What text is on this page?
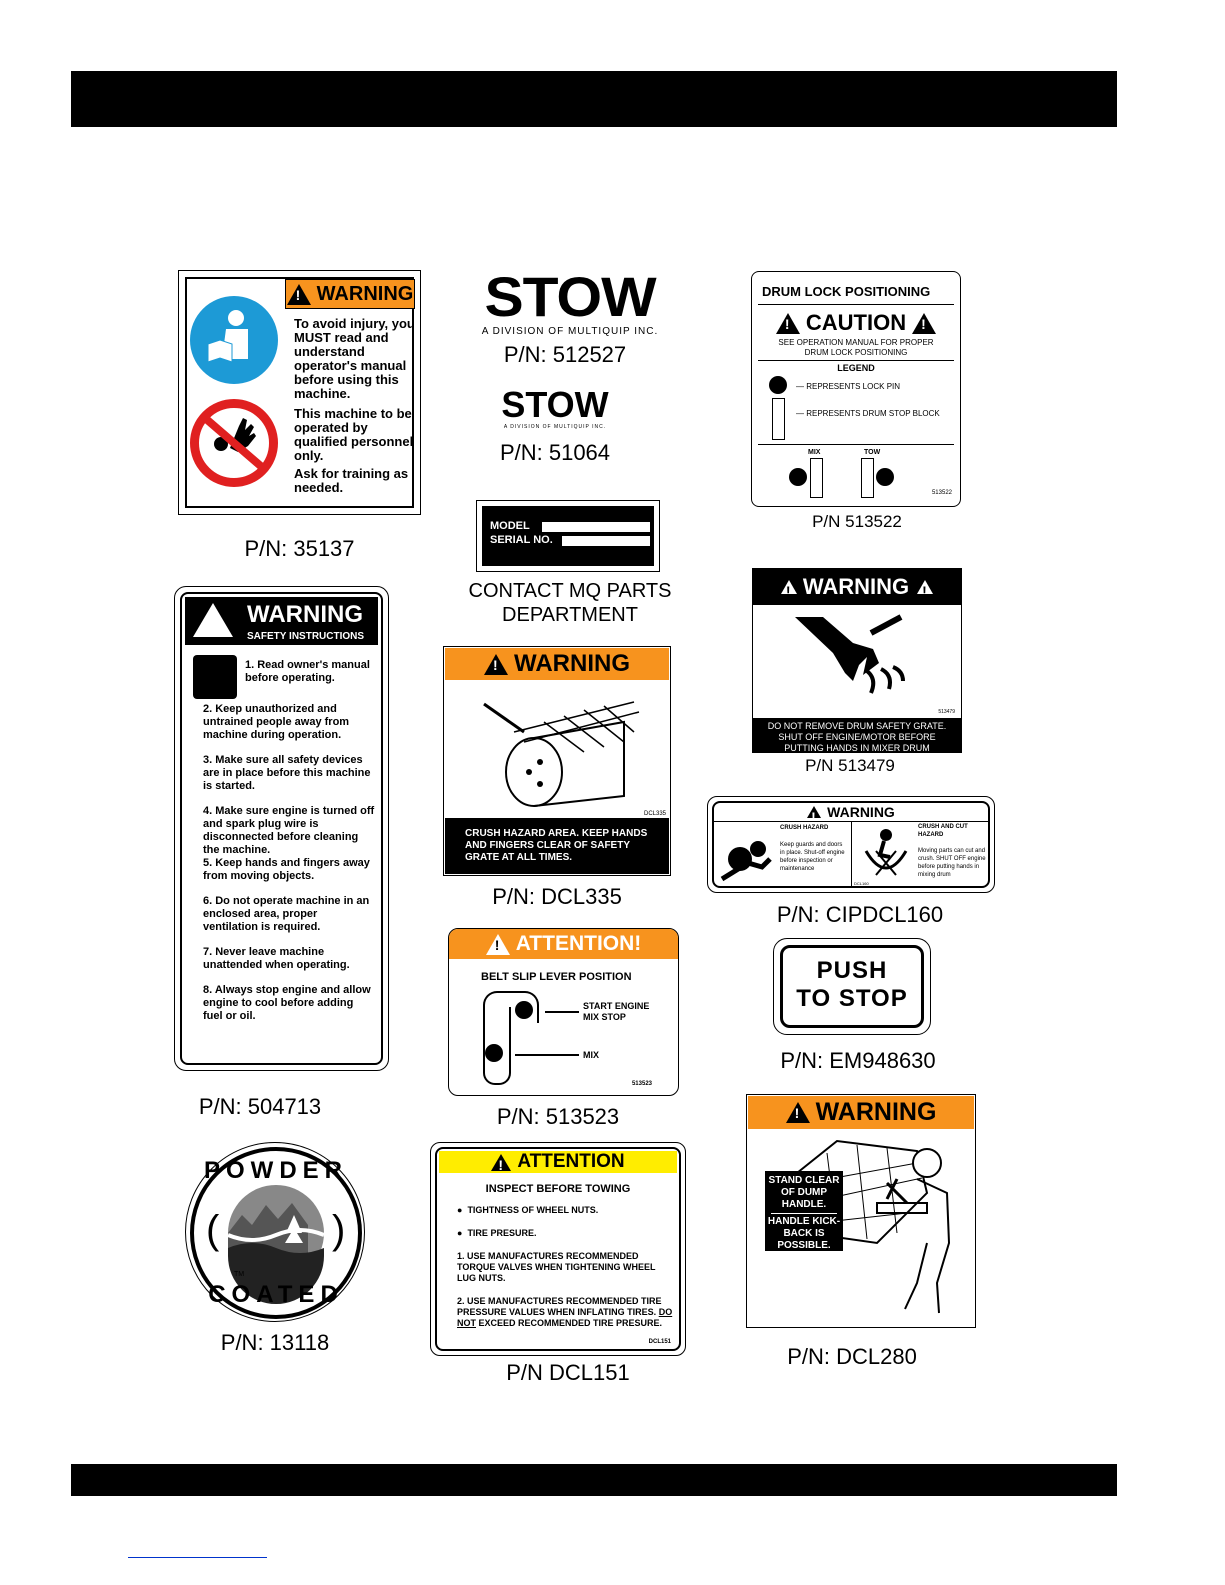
!
WARNING
To avoid injury, you MUST read and understand operator's manual before using this machine.
This machine to be operated by qualified personnel only.
Ask for training as needed.
P/N: 35137
WARNING
SAFETY INSTRUCTIONS

1. Read owner's manual before operating.

2. Keep unauthorized and untrained people away from machine during operation.

3. Make sure all safety devices are in place before this machine is started.

4. Make sure engine is turned off and spark plug wire is disconnected before cleaning the machine.

5. Keep hands and fingers away from moving objects.

6. Do not operate machine in an enclosed area, proper ventilation is required.

7. Never leave machine unattended when operating.

8. Always stop engine and allow engine to cool before adding fuel or oil.

P/N: 504713
(	)
POWDER
COATED
TM
P/N: 13118
STOW
A DIVISION OF MULTIQUIP INC.
P/N: 512527
STOW
A DIVISION OF MULTIQUIP INC.
P/N: 51064
MODEL
SERIAL NO.
CONTACT MQ PARTS
DEPARTMENT
!
WARNING
DCL335
CRUSH HAZARD AREA. KEEP HANDS AND FINGERS CLEAR OF SAFETY GRATE AT ALL TIMES.
P/N: DCL335
!
ATTENTION!
BELT SLIP LEVER POSITION
START ENGINE MIX STOP
MIX
513523
P/N: 513523
!
ATTENTION
INSPECT BEFORE TOWING
●  TIGHTNESS OF WHEEL NUTS.
●  TIRE PRESURE.
1. USE MANUFACTURES RECOMMENDED TORQUE VALVES WHEN TIGHTENING WHEEL LUG NUTS.
2. USE MANUFACTURES RECOMMENDED TIRE PRESSURE VALUES WHEN INFLATING TIRES. DO NOT EXCEED RECOMMENDED TIRE PRESURE.
DCL151
P/N DCL151
DRUM LOCK POSITIONING
!
CAUTION
!
SEE OPERATION MANUAL FOR PROPER DRUM LOCK POSITIONING
LEGEND
— REPRESENTS LOCK PIN
— REPRESENTS DRUM STOP BLOCK
MIX	TOW
513522
P/N 513522
!
WARNING
!
513479
DO NOT REMOVE DRUM SAFETY GRATE. SHUT OFF ENGINE/MOTOR BEFORE PUTTING HANDS IN MIXER DRUM
P/N 513479
!
WARNING
CRUSH HAZARD
Keep guards and doors in place. Shut-off engine before inspection or maintenance
CRUSH AND CUT HAZARD
Moving parts can cut and crush. SHUT OFF engine before putting hands in mixing drum
DCL160
P/N: CIPDCL160
PUSH
TO STOP
P/N: EM948630
!
WARNING
STAND CLEAR OF DUMP HANDLE.
HANDLE KICK-BACK IS POSSIBLE.
P/N: DCL280
